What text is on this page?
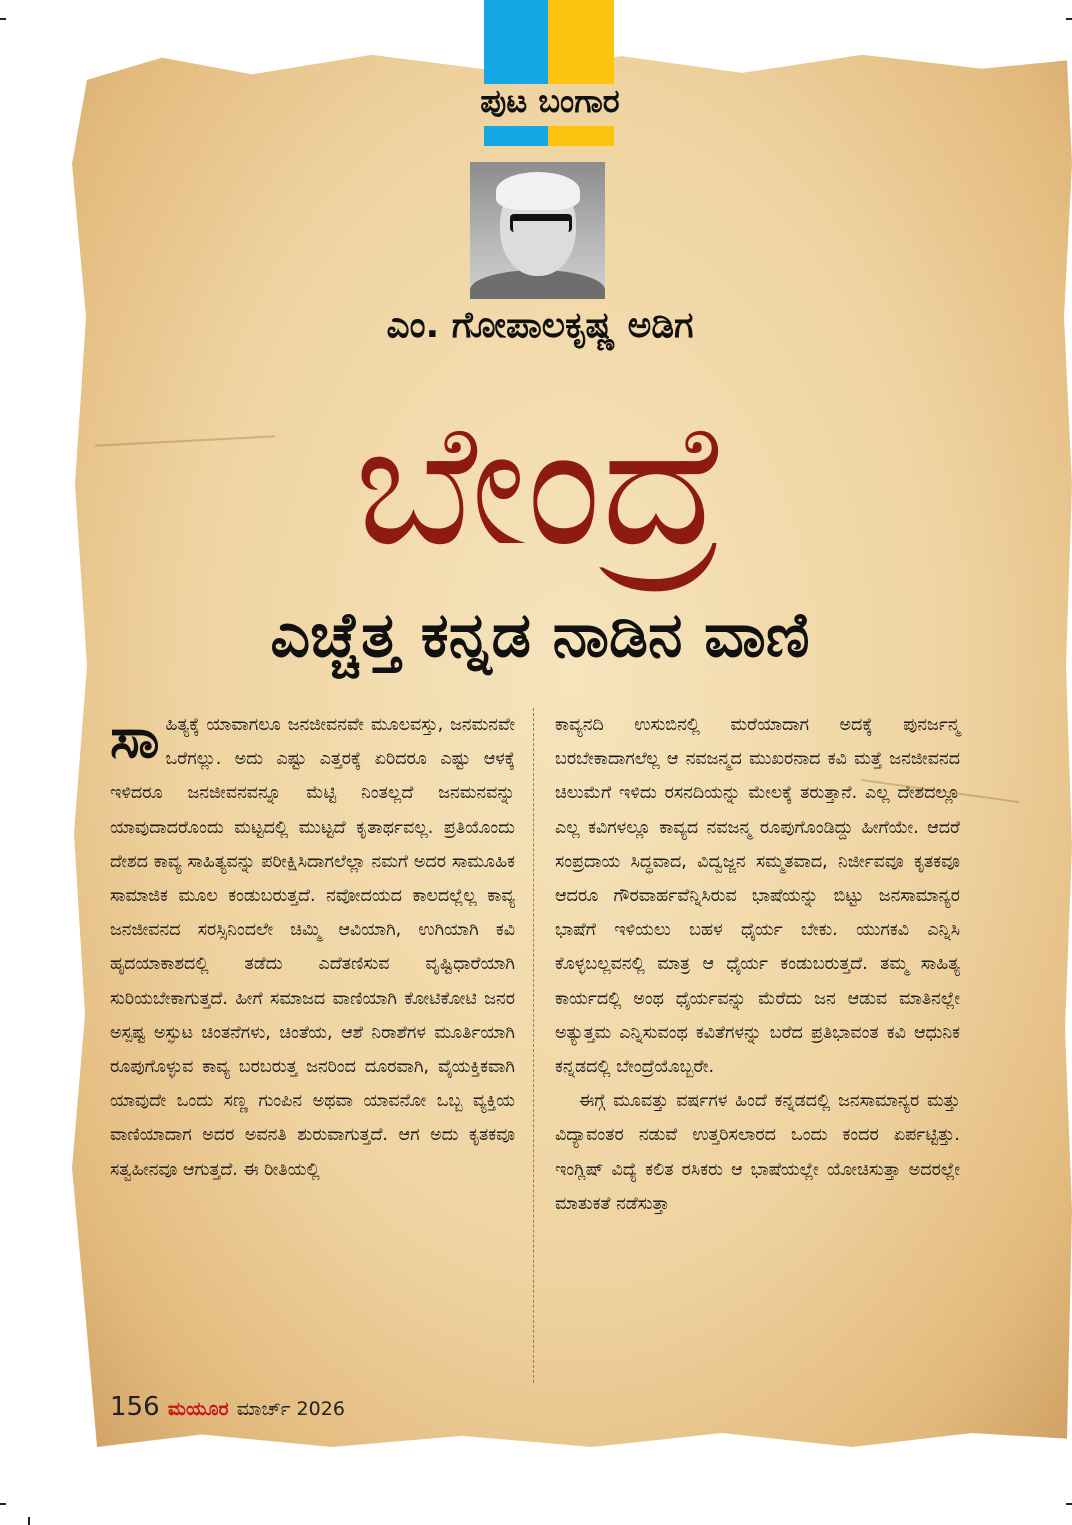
ಪುಟ ಬಂಗಾರ
ಎಂ. ಗೋಪಾಲಕೃಷ್ಣ ಅಡಿಗ
ಬೇಂದ್ರೆ
ಎಚ್ಚೆತ್ತ ಕನ್ನಡ ನಾಡಿನ ವಾಣಿ

ಸಾಹಿತ್ಯಕ್ಕೆ ಯಾವಾಗಲೂ ಜನಜೀವನವೇ ಮೂಲವಸ್ತು, ಜನಮನವೇ ಒರೆಗಲ್ಲು. ಅದು ಎಷ್ಟು ಎತ್ತರಕ್ಕೆ ಏರಿದರೂ ಎಷ್ಟು ಆಳಕ್ಕೆ ಇಳಿದರೂ ಜನಜೀವನವನ್ನೂ ಮೆಟ್ಟಿ ನಿಂತಲ್ಲದೆ ಜನಮನವನ್ನು ಯಾವುದಾದರೊಂದು ಮಟ್ಟದಲ್ಲಿ ಮುಟ್ಟದೆ ಕೃತಾರ್ಥವಲ್ಲ. ಪ್ರತಿಯೊಂದು ದೇಶದ ಕಾವ್ಯ ಸಾಹಿತ್ಯವನ್ನು ಪರೀಕ್ಷಿಸಿದಾಗಲೆಲ್ಲಾ ನಮಗೆ ಅದರ ಸಾಮೂಹಿಕ ಸಾಮಾಜಿಕ ಮೂಲ ಕಂಡುಬರುತ್ತದೆ. ನವೋದಯದ ಕಾಲದಲ್ಲೆಲ್ಲ ಕಾವ್ಯ ಜನಜೀವನದ ಸರಸ್ಸಿನಿಂದಲೇ ಚಿಮ್ಮಿ ಆವಿಯಾಗಿ, ಉಗಿಯಾಗಿ ಕವಿ ಹೃದಯಾಕಾಶದಲ್ಲಿ ತಡೆದು ಎದೆತಣಿಸುವ ವೃಷ್ಟಿಧಾರೆಯಾಗಿ ಸುರಿಯಬೇಕಾಗುತ್ತದೆ. ಹೀಗೆ ಸಮಾಜದ ವಾಣಿಯಾಗಿ ಕೋಟಿಕೋಟಿ ಜನರ ಅಸ್ಪಷ್ಟ ಅಸ್ಫುಟ ಚಿಂತನೆಗಳು, ಚಿಂತೆಯ, ಆಶೆ ನಿರಾಶೆಗಳ ಮೂರ್ತಿಯಾಗಿ ರೂಪುಗೊಳ್ಳುವ ಕಾವ್ಯ ಬರಬರುತ್ತ ಜನರಿಂದ ದೂರವಾಗಿ, ವೈಯಕ್ತಿಕವಾಗಿ ಯಾವುದೇ ಒಂದು ಸಣ್ಣ ಗುಂಪಿನ ಅಥವಾ ಯಾವನೋ ಒಬ್ಬ ವ್ಯಕ್ತಿಯ ವಾಣಿಯಾದಾಗ ಅದರ ಅವನತಿ ಶುರುವಾಗುತ್ತದೆ. ಆಗ ಅದು ಕೃತಕವೂ ಸತ್ವಹೀನವೂ ಆಗುತ್ತದೆ. ಈ ರೀತಿಯಲ್ಲಿ

ಕಾವ್ಯನದಿ ಉಸುಬಿನಲ್ಲಿ ಮರೆಯಾದಾಗ ಅದಕ್ಕೆ ಪುನರ್ಜನ್ಮ ಬರಬೇಕಾದಾಗಲೆಲ್ಲ ಆ ನವಜನ್ಮದ ಮುಖರನಾದ ಕವಿ ಮತ್ತೆ ಜನಜೀವನದ ಚಿಲುಮೆಗೆ ಇಳಿದು ರಸನದಿಯನ್ನು ಮೇಲಕ್ಕೆ ತರುತ್ತಾನೆ. ಎಲ್ಲ ದೇಶದಲ್ಲೂ ಎಲ್ಲ ಕವಿಗಳಲ್ಲೂ ಕಾವ್ಯದ ನವಜನ್ಮ ರೂಪುಗೊಂಡಿದ್ದು ಹೀಗೆಯೇ. ಆದರೆ ಸಂಪ್ರದಾಯ ಸಿದ್ಧವಾದ, ವಿದ್ವಜ್ಜನ ಸಮ್ಮತವಾದ, ನಿರ್ಜೀವವೂ ಕೃತಕವೂ ಆದರೂ ಗೌರವಾರ್ಹವೆನ್ನಿಸಿರುವ ಭಾಷೆಯನ್ನು ಬಿಟ್ಟು ಜನಸಾಮಾನ್ಯರ ಭಾಷೆಗೆ ಇಳಿಯಲು ಬಹಳ ಧೈರ್ಯ ಬೇಕು. ಯುಗಕವಿ ಎನ್ನಿಸಿ ಕೊಳ್ಳಬಲ್ಲವನಲ್ಲಿ ಮಾತ್ರ ಆ ಧೈರ್ಯ ಕಂಡುಬರುತ್ತದೆ. ತಮ್ಮ ಸಾಹಿತ್ಯ ಕಾರ್ಯದಲ್ಲಿ ಅಂಥ ಧೈರ್ಯವನ್ನು ಮೆರೆದು ಜನ ಆಡುವ ಮಾತಿನಲ್ಲೇ ಅತ್ಯುತ್ತಮ ಎನ್ನಿಸುವಂಥ ಕವಿತೆಗಳನ್ನು ಬರೆದ ಪ್ರತಿಭಾವಂತ ಕವಿ ಆಧುನಿಕ ಕನ್ನಡದಲ್ಲಿ ಬೇಂದ್ರೆಯೊಬ್ಬರೇ.

ಈಗ್ಗೆ ಮೂವತ್ತು ವರ್ಷಗಳ ಹಿಂದೆ ಕನ್ನಡದಲ್ಲಿ ಜನಸಾಮಾನ್ಯರ ಮತ್ತು ವಿದ್ಯಾವಂತರ ನಡುವೆ ಉತ್ತರಿಸಲಾರದ ಒಂದು ಕಂದರ ಏರ್ಪಟ್ಟಿತ್ತು. ಇಂಗ್ಲಿಷ್ ವಿದ್ಯೆ ಕಲಿತ ರಸಿಕರು ಆ ಭಾಷೆಯಲ್ಲೇ ಯೋಚಿಸುತ್ತಾ ಅದರಲ್ಲೇ ಮಾತುಕತೆ ನಡೆಸುತ್ತಾ

156 ಮಯೂರ ಮಾರ್ಚ್ 2026
